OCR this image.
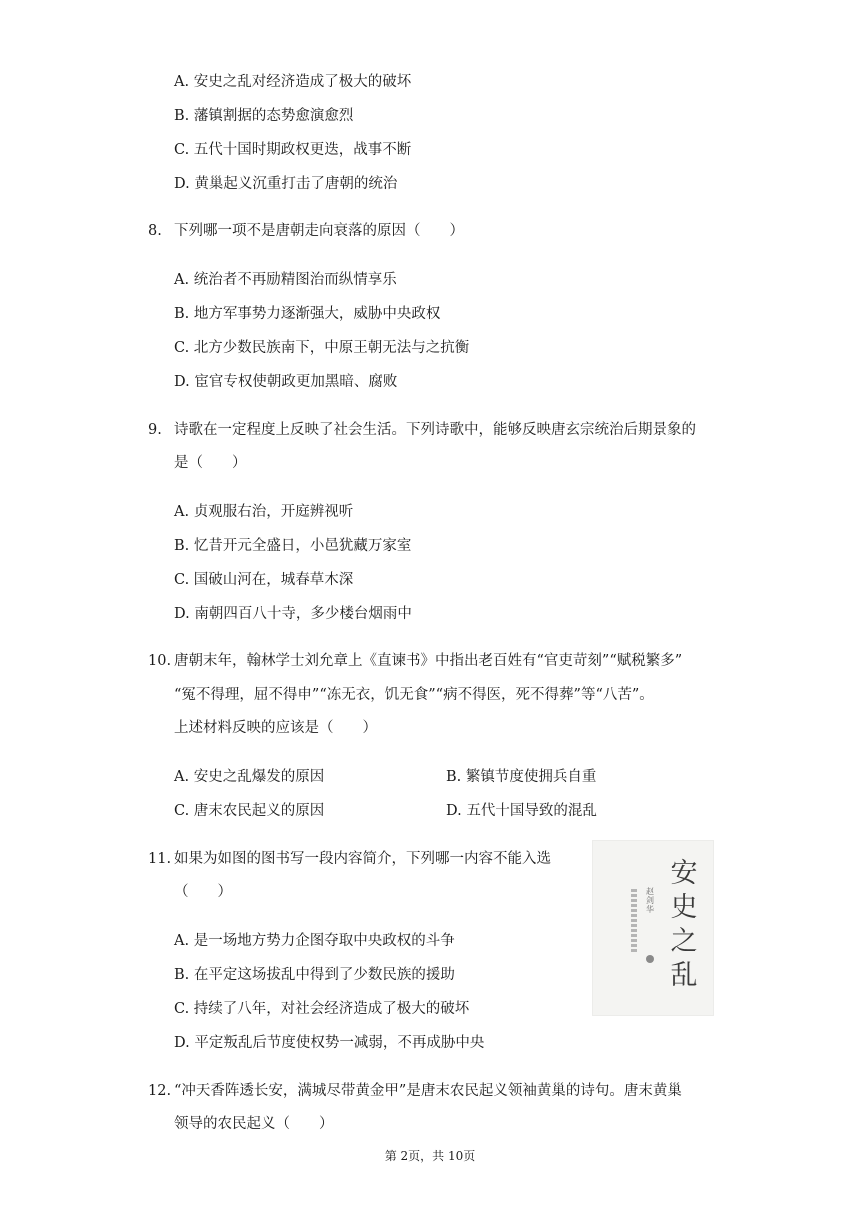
A. 安史之乱对经济造成了极大的破坏
B. 藩镇割据的态势愈演愈烈
C. 五代十国时期政权更迭，战事不断
D. 黄巢起义沉重打击了唐朝的统治
8. 下列哪一项不是唐朝走向衰落的原因（　　）
A. 统治者不再励精图治而纵情享乐
B. 地方军事势力逐渐强大，威胁中央政权
C. 北方少数民族南下，中原王朝无法与之抗衡
D. 宦官专权使朝政更加黑暗、腐败
9. 诗歌在一定程度上反映了社会生活。下列诗歌中，能够反映唐玄宗统治后期景象的
是（　　）
A. 贞观服右治，开庭辨视听
B. 忆昔开元全盛日，小邑犹藏万家室
C. 国破山河在，城春草木深
D. 南朝四百八十寺，多少楼台烟雨中
10. 唐朝末年，翰林学士刘允章上《直谏书》中指出老百姓有“官吏苛刻”“赋税繁多”
“冤不得理，屈不得申”“冻无衣，饥无食”“病不得医，死不得葬”等“八苦”。
上述材料反映的应该是（　　）
A. 安史之乱爆发的原因	B. 繁镇节度使拥兵自重
C. 唐末农民起义的原因	D. 五代十国导致的混乱
11. 如果为如图的图书写一段内容简介，下列哪一内容不能入选
（　　）
A. 是一场地方势力企图夺取中央政权的斗争
B. 在平定这场拔乱中得到了少数民族的援助
C. 持续了八年，对社会经济造成了极大的破坏
D. 平定叛乱后节度使权势一减弱，不再成胁中央
安
史
之
乱
赵
剑
华
12. “冲天香阵透长安，满城尽带黄金甲”是唐末农民起义领袖黄巢的诗句。唐末黄巢
领导的农民起义（　　）
第 2页，共 10页
